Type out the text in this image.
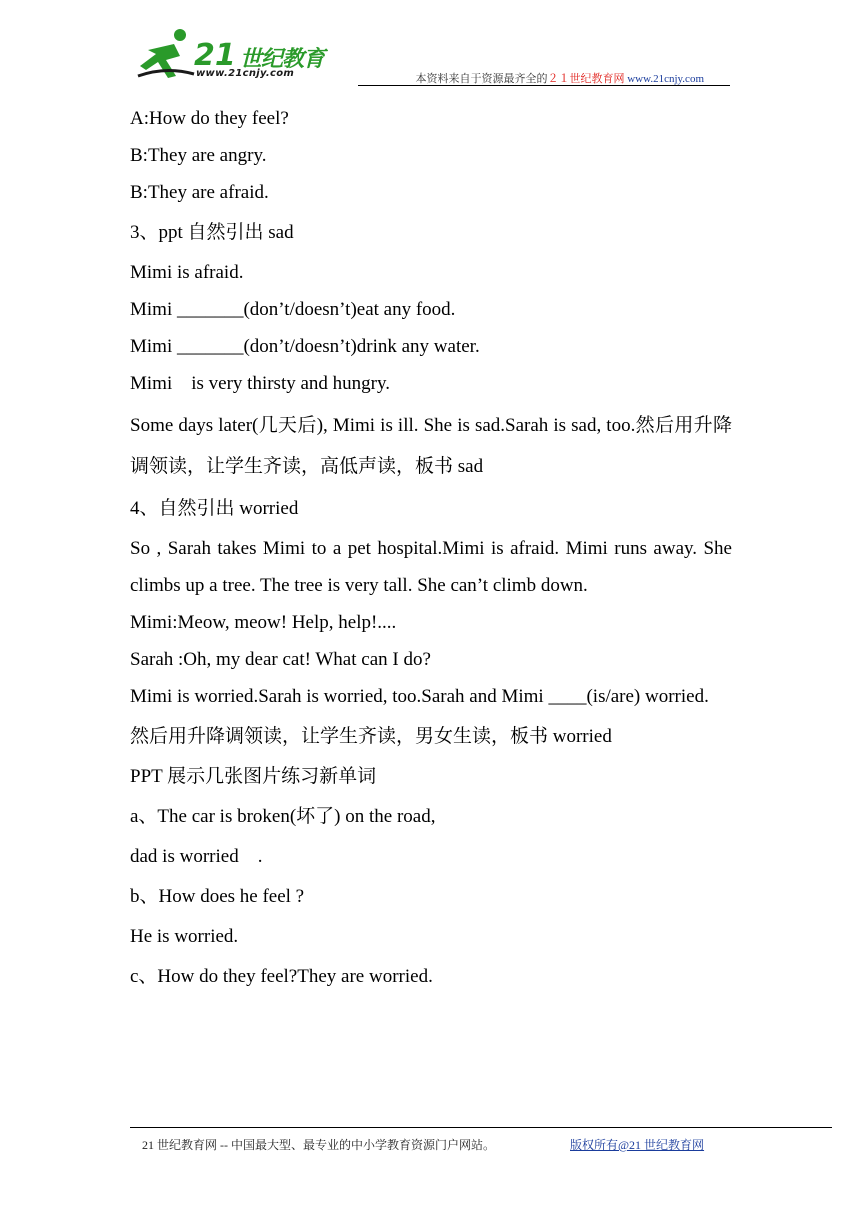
21 世纪教育
www.21cnjy.com	本资料来自于资源最齐全的２１世纪教育网 www.21cnjy.com

A:How do they feel?

B:They are angry.

B:They are afraid.

3、ppt 自然引出 sad

Mimi is afraid.

Mimi _______(don’t/doesn’t)eat any food.

Mimi _______(don’t/doesn’t)drink any water.

Mimi    is very thirsty and hungry.

Some days later(几天后), Mimi is ill. She is sad.Sarah is sad, too.然后用升降调领读，让学生齐读，高低声读，板书 sad

4、自然引出 worried

So , Sarah takes Mimi to a pet hospital.Mimi is afraid. Mimi runs away. She climbs up a tree. The tree is very tall. She can’t climb down.

Mimi:Meow, meow! Help, help!....

Sarah :Oh, my dear cat! What can I do?

Mimi is worried.Sarah is worried, too.Sarah and Mimi ____(is/are) worried.

然后用升降调领读，让学生齐读，男女生读，板书 worried

PPT 展示几张图片练习新单词

a、The car is broken(坏了) on the road,

dad is worried    .

b、How does he feel ?

He is worried.

c、How do they feel?They are worried.

21 世纪教育网 -- 中国最大型、最专业的中小学教育资源门户网站。	版权所有@21 世纪教育网
